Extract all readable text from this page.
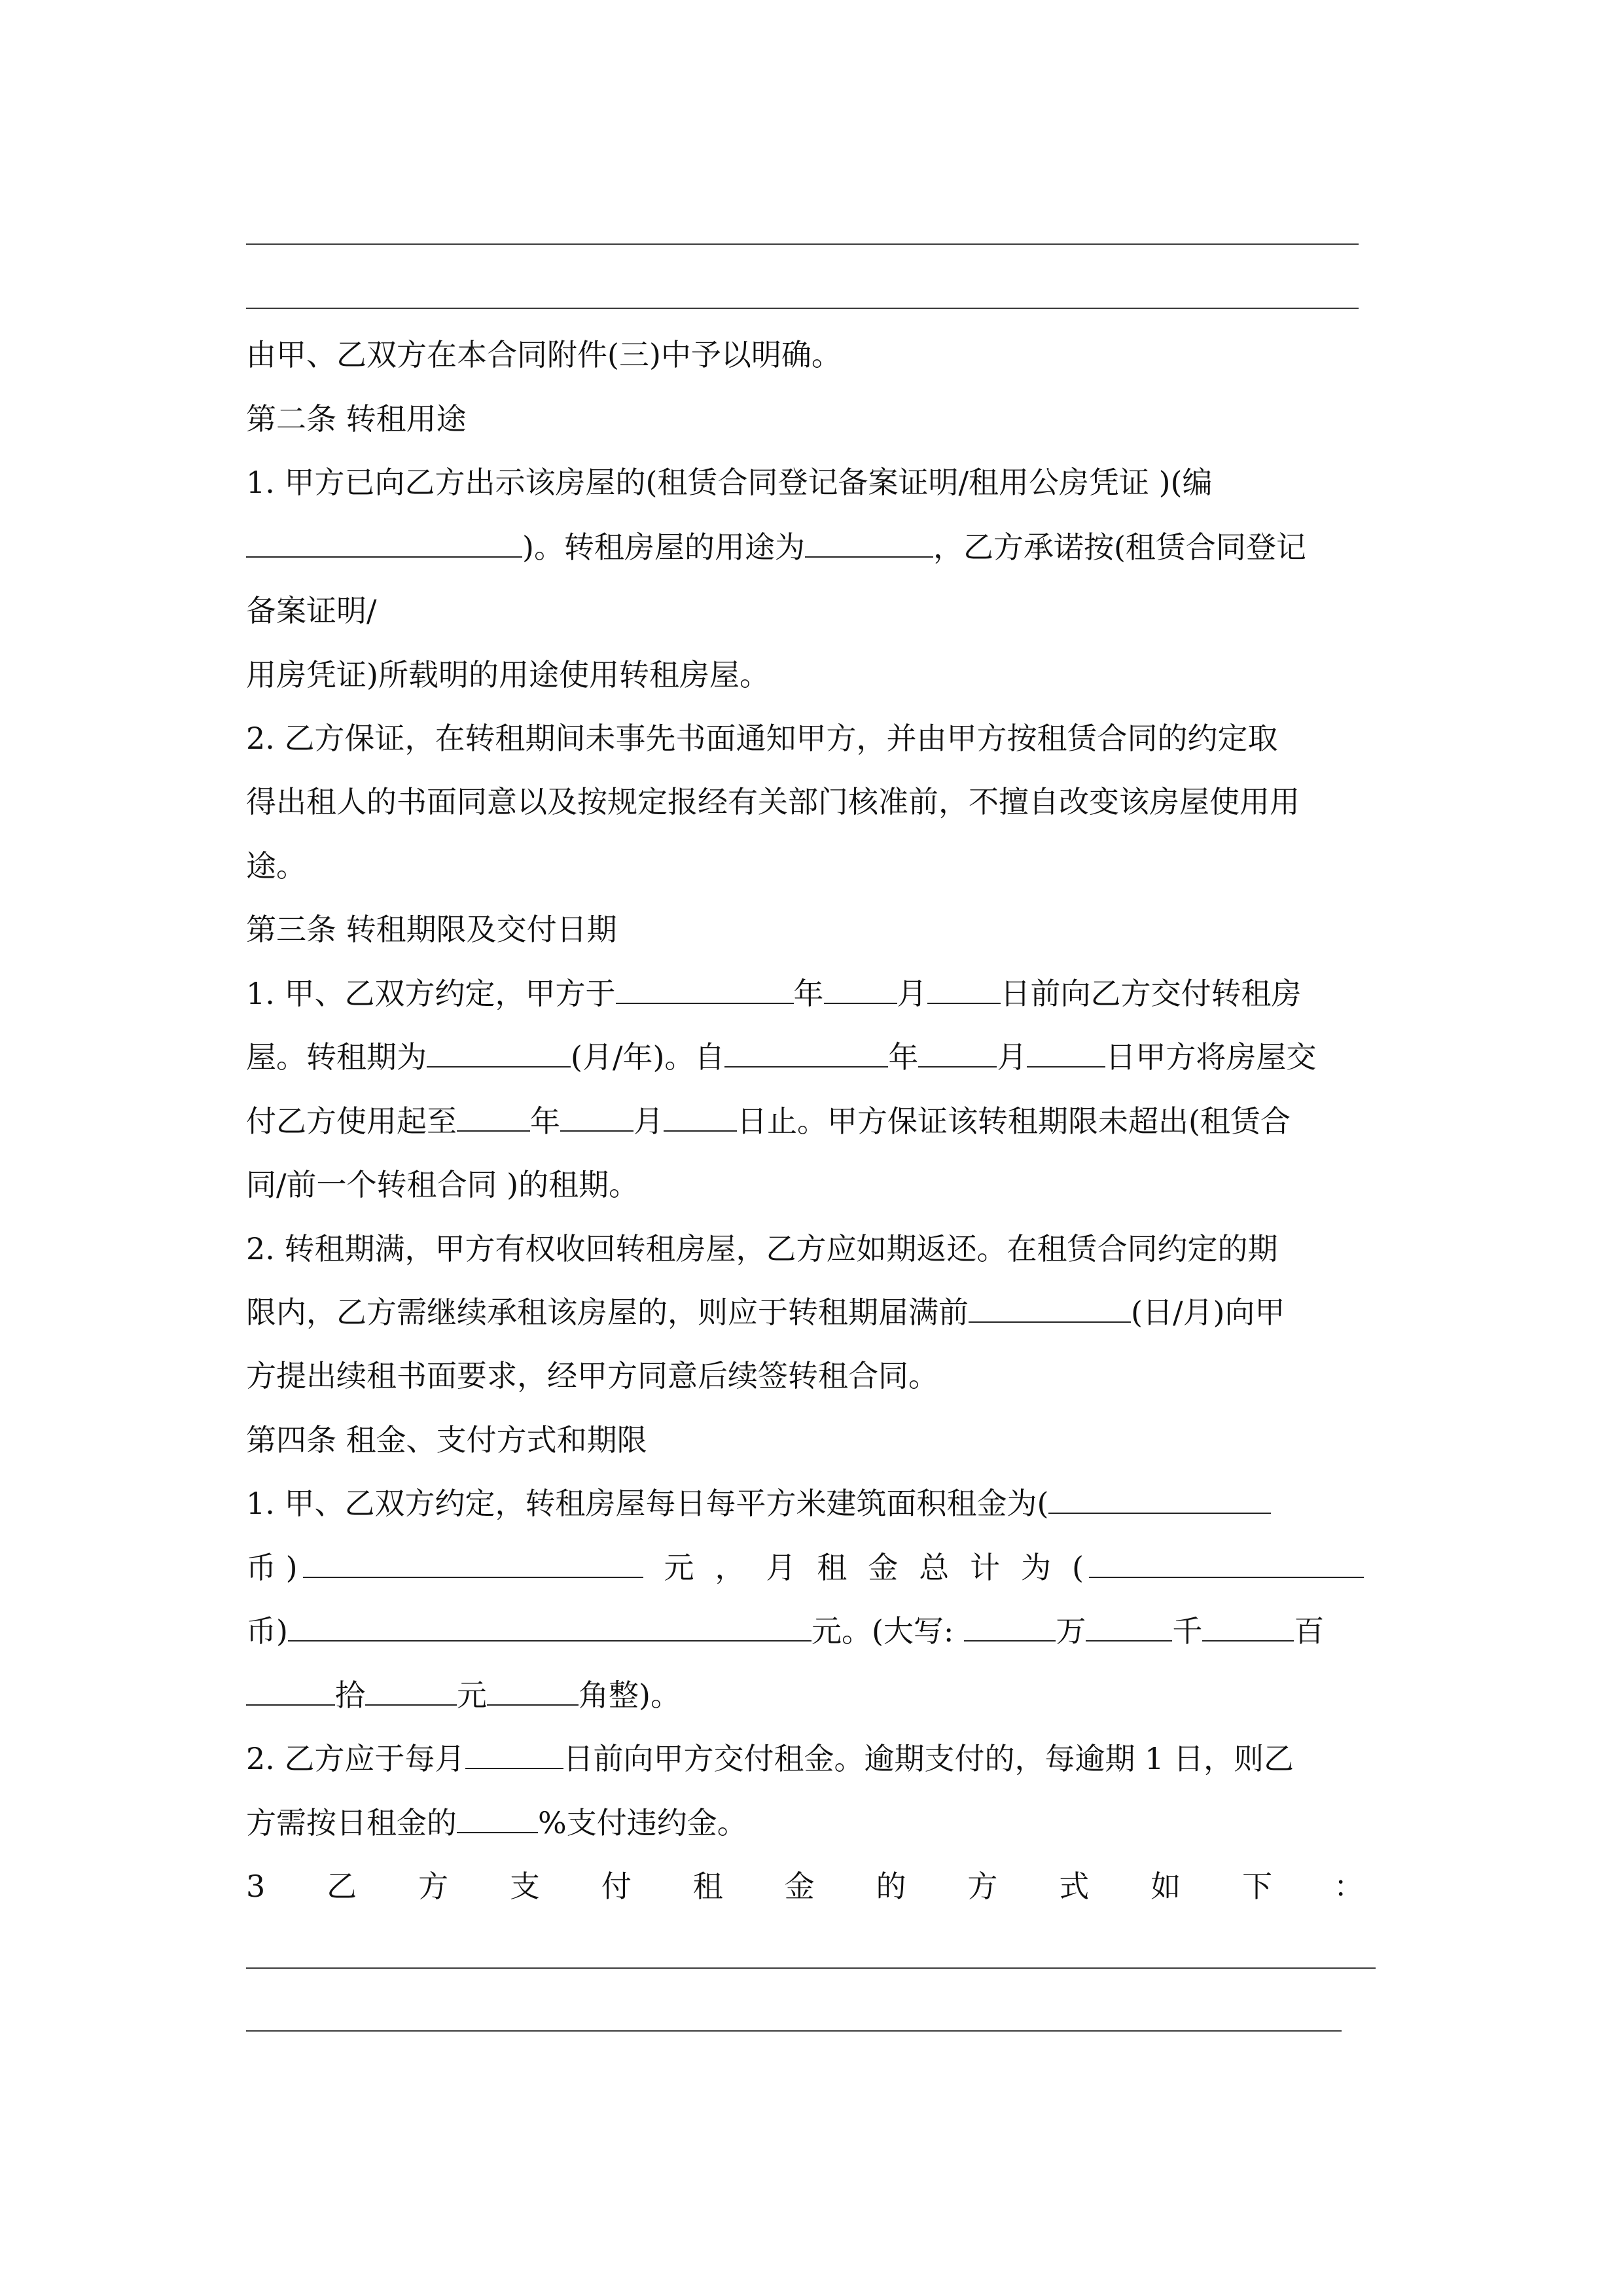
由甲、乙双方在本合同附件(三)中予以明确。
第二条 转租用途
1. 甲方已向乙方出示该房屋的(租赁合同登记备案证明/租用公房凭证 )(编
)。转租房屋的用途为	，乙方承诺按(租赁合同登记
备案证明/
用房凭证)所载明的用途使用转租房屋。
2. 乙方保证，在转租期间未事先书面通知甲方，并由甲方按租赁合同的约定取
得出租人的书面同意以及按规定报经有关部门核准前，不擅自改变该房屋使用用
途。
第三条 转租期限及交付日期
1. 甲、乙双方约定，甲方于	年 月 日前向乙方交付转租房
屋。转租期为	(月/年)。自	年	月	日甲方将房屋交
付乙方使用起至 年 月 日止。甲方保证该转租期限未超出(租赁合
同/前一个转租合同 )的租期。
2. 转租期满，甲方有权收回转租房屋，乙方应如期返还。在租赁合同约定的期
限内，乙方需继续承租该房屋的，则应于转租期届满前	(日/月)向甲
方提出续租书面要求，经甲方同意后续签转租合同。
第四条 租金、支付方式和期限
1. 甲、乙双方约定，转租房屋每日每平方米建筑面积租金为(
币 )	元 ， 月 租 金 总 计 为 (
币)	元。(大写:	万	千	百
拾	元	角整)。
2. 乙方应于每月	日前向甲方交付租金。逾期支付的，每逾期 1 日，则乙
方需按日租金的	%支付违约金。
3 乙 方 支 付 租 金 的 方 式 如 下 ：
